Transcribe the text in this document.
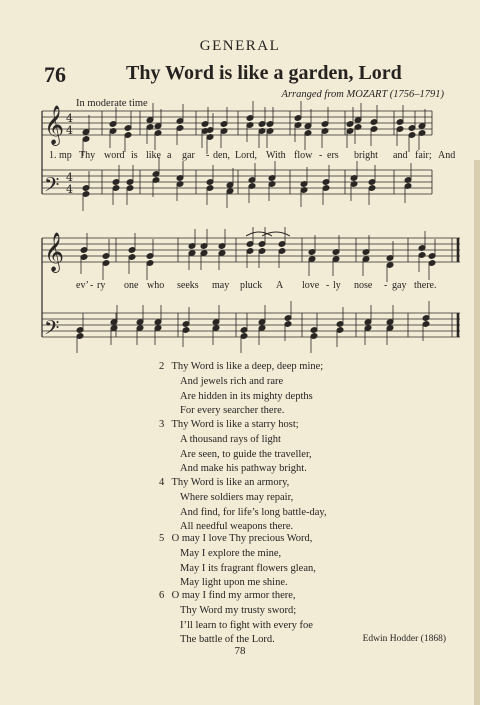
GENERAL
76	Thy Word is like a garden, Lord
Arranged from MOZART (1756–1791)
In moderate time
𝄞
𝄢
𝄞
𝄢
4
4
4
4
1. mp Thy word is like a gar - den, Lord, With flow - ers bright and fair; And
ev’ - ry one who seeks may pluck A love - ly nose - gay there.
2 Thy Word is like a deep, deep mine;
And jewels rich and rare
Are hidden in its mighty depths
For every searcher there.
3 Thy Word is like a starry host;
A thousand rays of light
Are seen, to guide the traveller,
And make his pathway bright.
4 Thy Word is like an armory,
Where soldiers may repair,
And find, for life’s long battle-day,
All needful weapons there.
5 O may I love Thy precious Word,
May I explore the mine,
May I its fragrant flowers glean,
May light upon me shine.
6 O may I find my armor there,
Thy Word my trusty sword;
I’ll learn to fight with every foe
The battle of the Lord.	Edwin Hodder (1868)
78
